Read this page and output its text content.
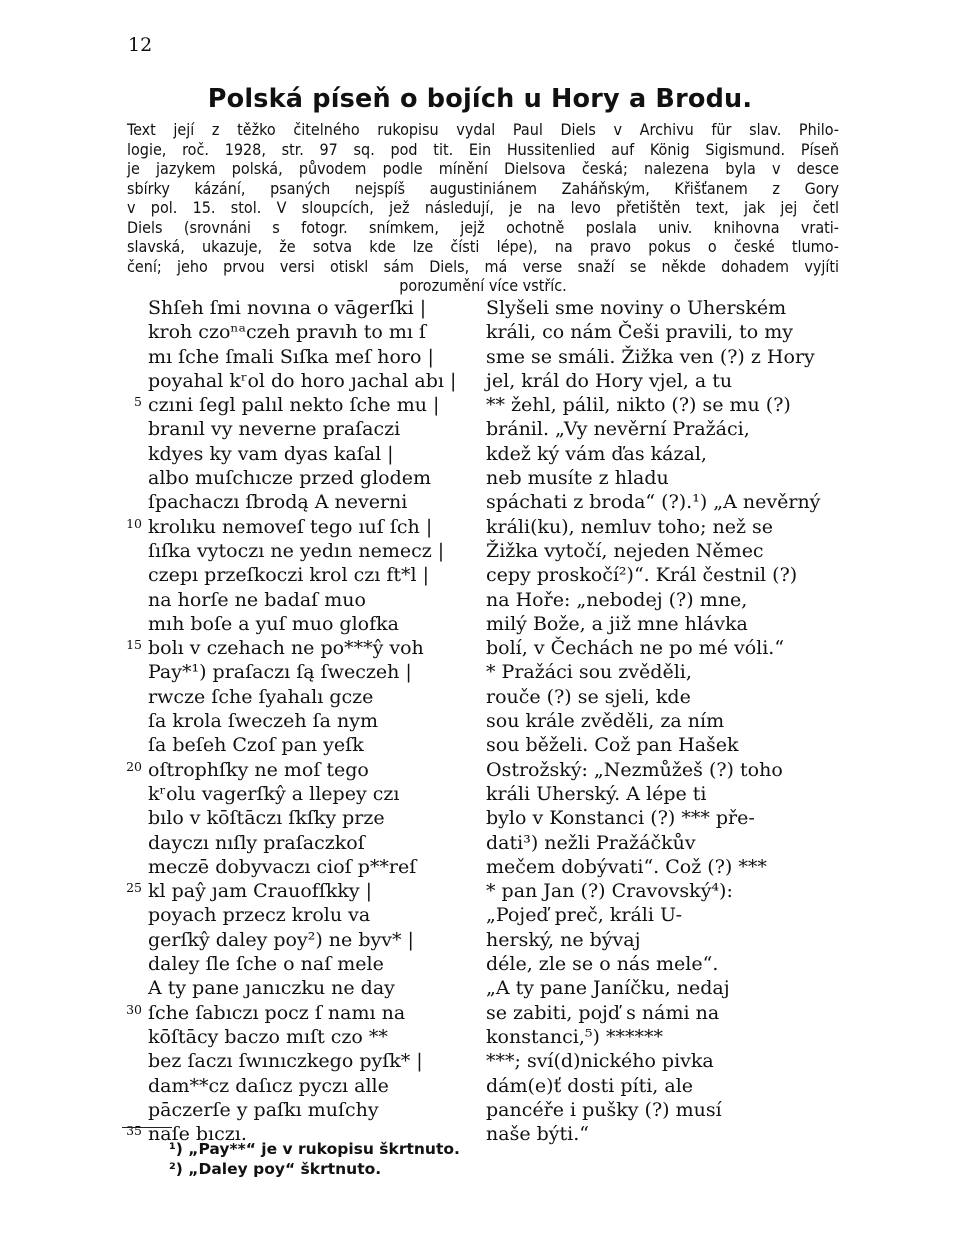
12
Polská píseň o bojích u Hory a Brodu.
Text její z těžko čitelného rukopisu vydal Paul Diels v Archivu für slav. Philo-
logie, roč. 1928, str. 97 sq. pod tit. Ein Hussitenlied auf König Sigismund. Píseň
je jazykem polská, původem podle mínění Dielsova česká; nalezena byla v desce
sbírky kázání, psaných nejspíš augustiniánem Zaháňským, Křišťanem z Gory
v pol. 15. stol. V sloupcích, jež následují, je na levo přetištěn text, jak jej četl
Diels (srovnáni s fotogr. snímkem, jejž ochotně poslala univ. knihovna vrati-
slavská, ukazuje, že sotva kde lze čísti lépe), na pravo pokus o české tlumo-
čení; jeho prvou versi otiskl sám Diels, má verse snaží se někde dohadem vyjíti
porozumění více vstříc.
Shſeh ſmi novına o vāgerſki |
kroh czoⁿᵃczeh pravıh to mı ſ
mı ſche ſmali Sıſka meſ horo |
poyahal kʳol do horo ȷachal abı |
5 czıni ſegl palıl nekto ſche mu |
branıl vy neverne praſaczi
kdyes ky vam dyas kaſal |
albo muſchıcze przed glodem
ſpachaczı ſbrodą A neverni
10 krolıku nemoveſ tego ıuſ ſch |
ſıſka vytoczı ne yedın nemecz |
czepı przeſkoczi krol czı ft*l |
na horſe ne badaſ muo
mıh boſe a yuſ muo glofka
15 bolı v czehach ne po***ŷ voh
Pay*¹) praſaczı ſą ſweczeh |
rwcze ſche ſyahalı gcze
ſa krola ſweczeh ſa nym
ſa beſeh Czoſ pan yeſk
20 oſtrophſky ne moſ tego
kʳolu vagerſkŷ a llepey czı
bılo v kōſtāczı ſkſky prze
dayczı nıſly praſaczkoſ
meczē dobyvaczı cioſ p**reſ
25 kl paŷ ȷam Crauofſkky |
poyach przecz krolu va
gerſkŷ daley poy²) ne byv* |
daley ſle ſche o naſ mele
A ty pane ȷanıczku ne day
30 ſche ſabıczı pocz ſ namı na
kōſtācy baczo mıſt czo **
bez ſaczı ſwınıczkego pyſk* |
dam**cz daſıcz pyczı alle
pāczerſe y paſkı muſchy
35 naſe bıczı.
Slyšeli sme noviny o Uherském
králi, co nám Češi pravili, to my
sme se smáli. Žižka ven (?) z Hory
jel, král do Hory vjel, a tu
** žehl, pálil, nikto (?) se mu (?)
bránil. „Vy nevěrní Pražáci,
kdež ký vám ďas kázal,
neb musíte z hladu
spáchati z broda“ (?).¹) „A nevěrný
králi(ku), nemluv toho; než se
Žižka vytočí, nejeden Němec
cepy proskočí²)“. Král čestnil (?)
na Hoře: „nebodej (?) mne,
milý Bože, a již mne hlávka
bolí, v Čechách ne po mé vóli.“
* Pražáci sou zvěděli,
rouče (?) se sjeli, kde
sou krále zvěděli, za ním
sou běželi. Což pan Hašek
Ostrožský: „Nezmůžeš (?) toho
králi Uherský. A lépe ti
bylo v Konstanci (?) *** pře-
dati³) nežli Pražáčkův
mečem dobývati“. Což (?) ***
* pan Jan (?) Cravovský⁴):
„Pojeď preč, králi U-
herský, ne bývaj
déle, zle se o nás mele“.
„A ty pane Janíčku, nedaj
se zabiti, pojď s námi na
konstanci,⁵) ******
***; sví(d)nického pivka
dám(e)ť dosti píti, ale
pancéře i pušky (?) musí
naše býti.“
¹) „Pay**“ je v rukopisu škrtnuto.
²) „Daley poy“ škrtnuto.
